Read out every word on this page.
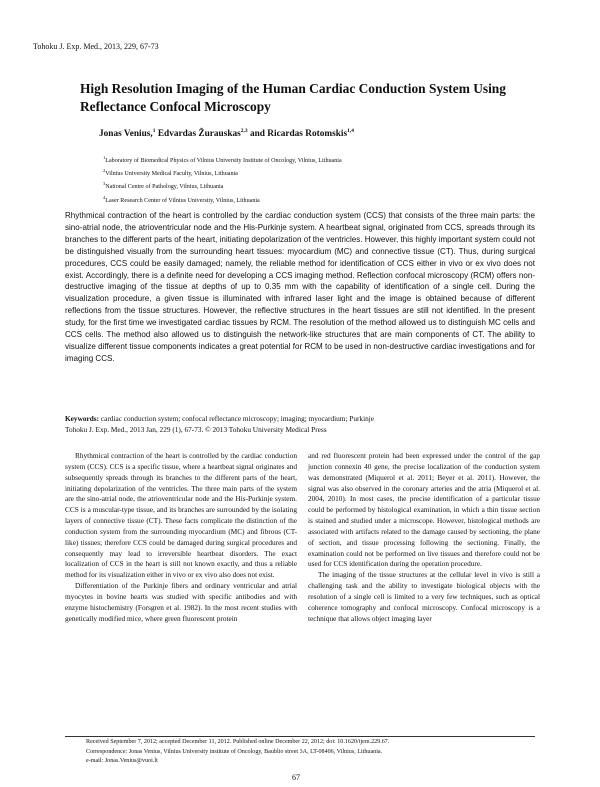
Tohoku J. Exp. Med., 2013, 229, 67-73
High Resolution Imaging of the Human Cardiac Conduction System Using Reflectance Confocal Microscopy
Jonas Venius,$^1$ Edvardas Žurauskas$^{2,3}$ and Ricardas Rotomskis$^{1,4}$
$^1$Laboratory of Biomedical Physics of Vilnius University Institute of Oncology, Vilnius, Lithuania
$^2$Vilnius University Medical Faculty, Vilnius, Lithuania
$^3$National Centre of Pathology, Vilnius, Lithuania
$^4$Laser Research Center of Vilnius University, Vilnius, Lithuania

Rhythmical contraction of the heart is controlled by the cardiac conduction system (CCS) that consists of the three main parts: the sino-atrial node, the atrioventricular node and the His-Purkinje system. A heartbeat signal, originated from CCS, spreads through its branches to the different parts of the heart, initiating depolarization of the ventricles. However, this highly important system could not be distinguished visually from the surrounding heart tissues: myocardium (MC) and connective tissue (CT). Thus, during surgical procedures, CCS could be easily damaged; namely, the reliable method for identification of CCS either in vivo or ex vivo does not exist. Accordingly, there is a definite need for developing a CCS imaging method. Reflection confocal microscopy (RCM) offers non-destructive imaging of the tissue at depths of up to 0.35 mm with the capability of identification of a single cell. During the visualization procedure, a given tissue is illuminated with infrared laser light and the image is obtained because of different reflections from the tissue structures. However, the reflective structures in the heart tissues are still not identified. In the present study, for the first time we investigated cardiac tissues by RCM. The resolution of the method allowed us to distinguish MC cells and CCS cells. The method also allowed us to distinguish the network-like structures that are main components of CT. The ability to visualize different tissue components indicates a great potential for RCM to be used in non-destructive cardiac investigations and for imaging CCS.

Keywords: cardiac conduction system; confocal reflectance microscopy; imaging; myocardium; Purkinje
Tohoku J. Exp. Med., 2013 Jan, 229 (1), 67-73. © 2013 Tohoku University Medical Press

Rhythmical contraction of the heart is controlled by the cardiac conduction system (CCS). CCS is a specific tissue, where a heartbeat signal originates and subsequently spreads through its branches to the different parts of the heart, initiating depolarization of the ventricles. The three main parts of the system are the sino-atrial node, the atrioventricular node and the His-Purkinje system. CCS is a muscular-type tissue, and its branches are surrounded by the isolating layers of connective tissue (CT). These facts complicate the distinction of the conduction system from the surrounding myocardium (MC) and fibrous (CT-like) tissues; therefore CCS could be damaged during surgical procedures and consequently may lead to irreversible heartbeat disorders. The exact localization of CCS in the heart is still not known exactly, and thus a reliable method for its visualization either in vivo or ex vivo also does not exist.

Differentiation of the Purkinje fibers and ordinary ventricular and atrial myocytes in bovine hearts was studied with specific antibodies and with enzyme histochemistry (Forsgren et al. 1982). In the most recent studies with genetically modified mice, where green fluorescent protein

and red fluorescent protein had been expressed under the control of the gap junction connexin 40 gene, the precise localization of the conduction system was demonstrated (Miquerol et al. 2011; Beyer et al. 2011). However, the signal was also observed in the coronary arteries and the atria (Miquerol et al. 2004, 2010). In most cases, the precise identification of a particular tissue could be performed by histological examination, in which a thin tissue section is stained and studied under a microscope. However, histological methods are associated with artifacts related to the damage caused by sectioning, the plane of section, and tissue processing following the sectioning. Finally, the examination could not be performed on live tissues and therefore could not be used for CCS identification during the operation procedure.

The imaging of the tissue structures at the cellular level in vivo is still a challenging task and the ability to investigate biological objects with the resolution of a single cell is limited to a very few techniques, such as optical coherence tomography and confocal microscopy. Confocal microscopy is a technique that allows object imaging layer

Received September 7, 2012; accepted December 11, 2012. Published online December 22, 2012; doi: 10.1620/tjem.229.67.
Correspondence: Jonas Venius, Vilnius University institute of Oncology, Baublio street 3A, LT-08406, Vilnius, Lithuania.
e-mail: Jonas.Venius@vuoi.lt
67
